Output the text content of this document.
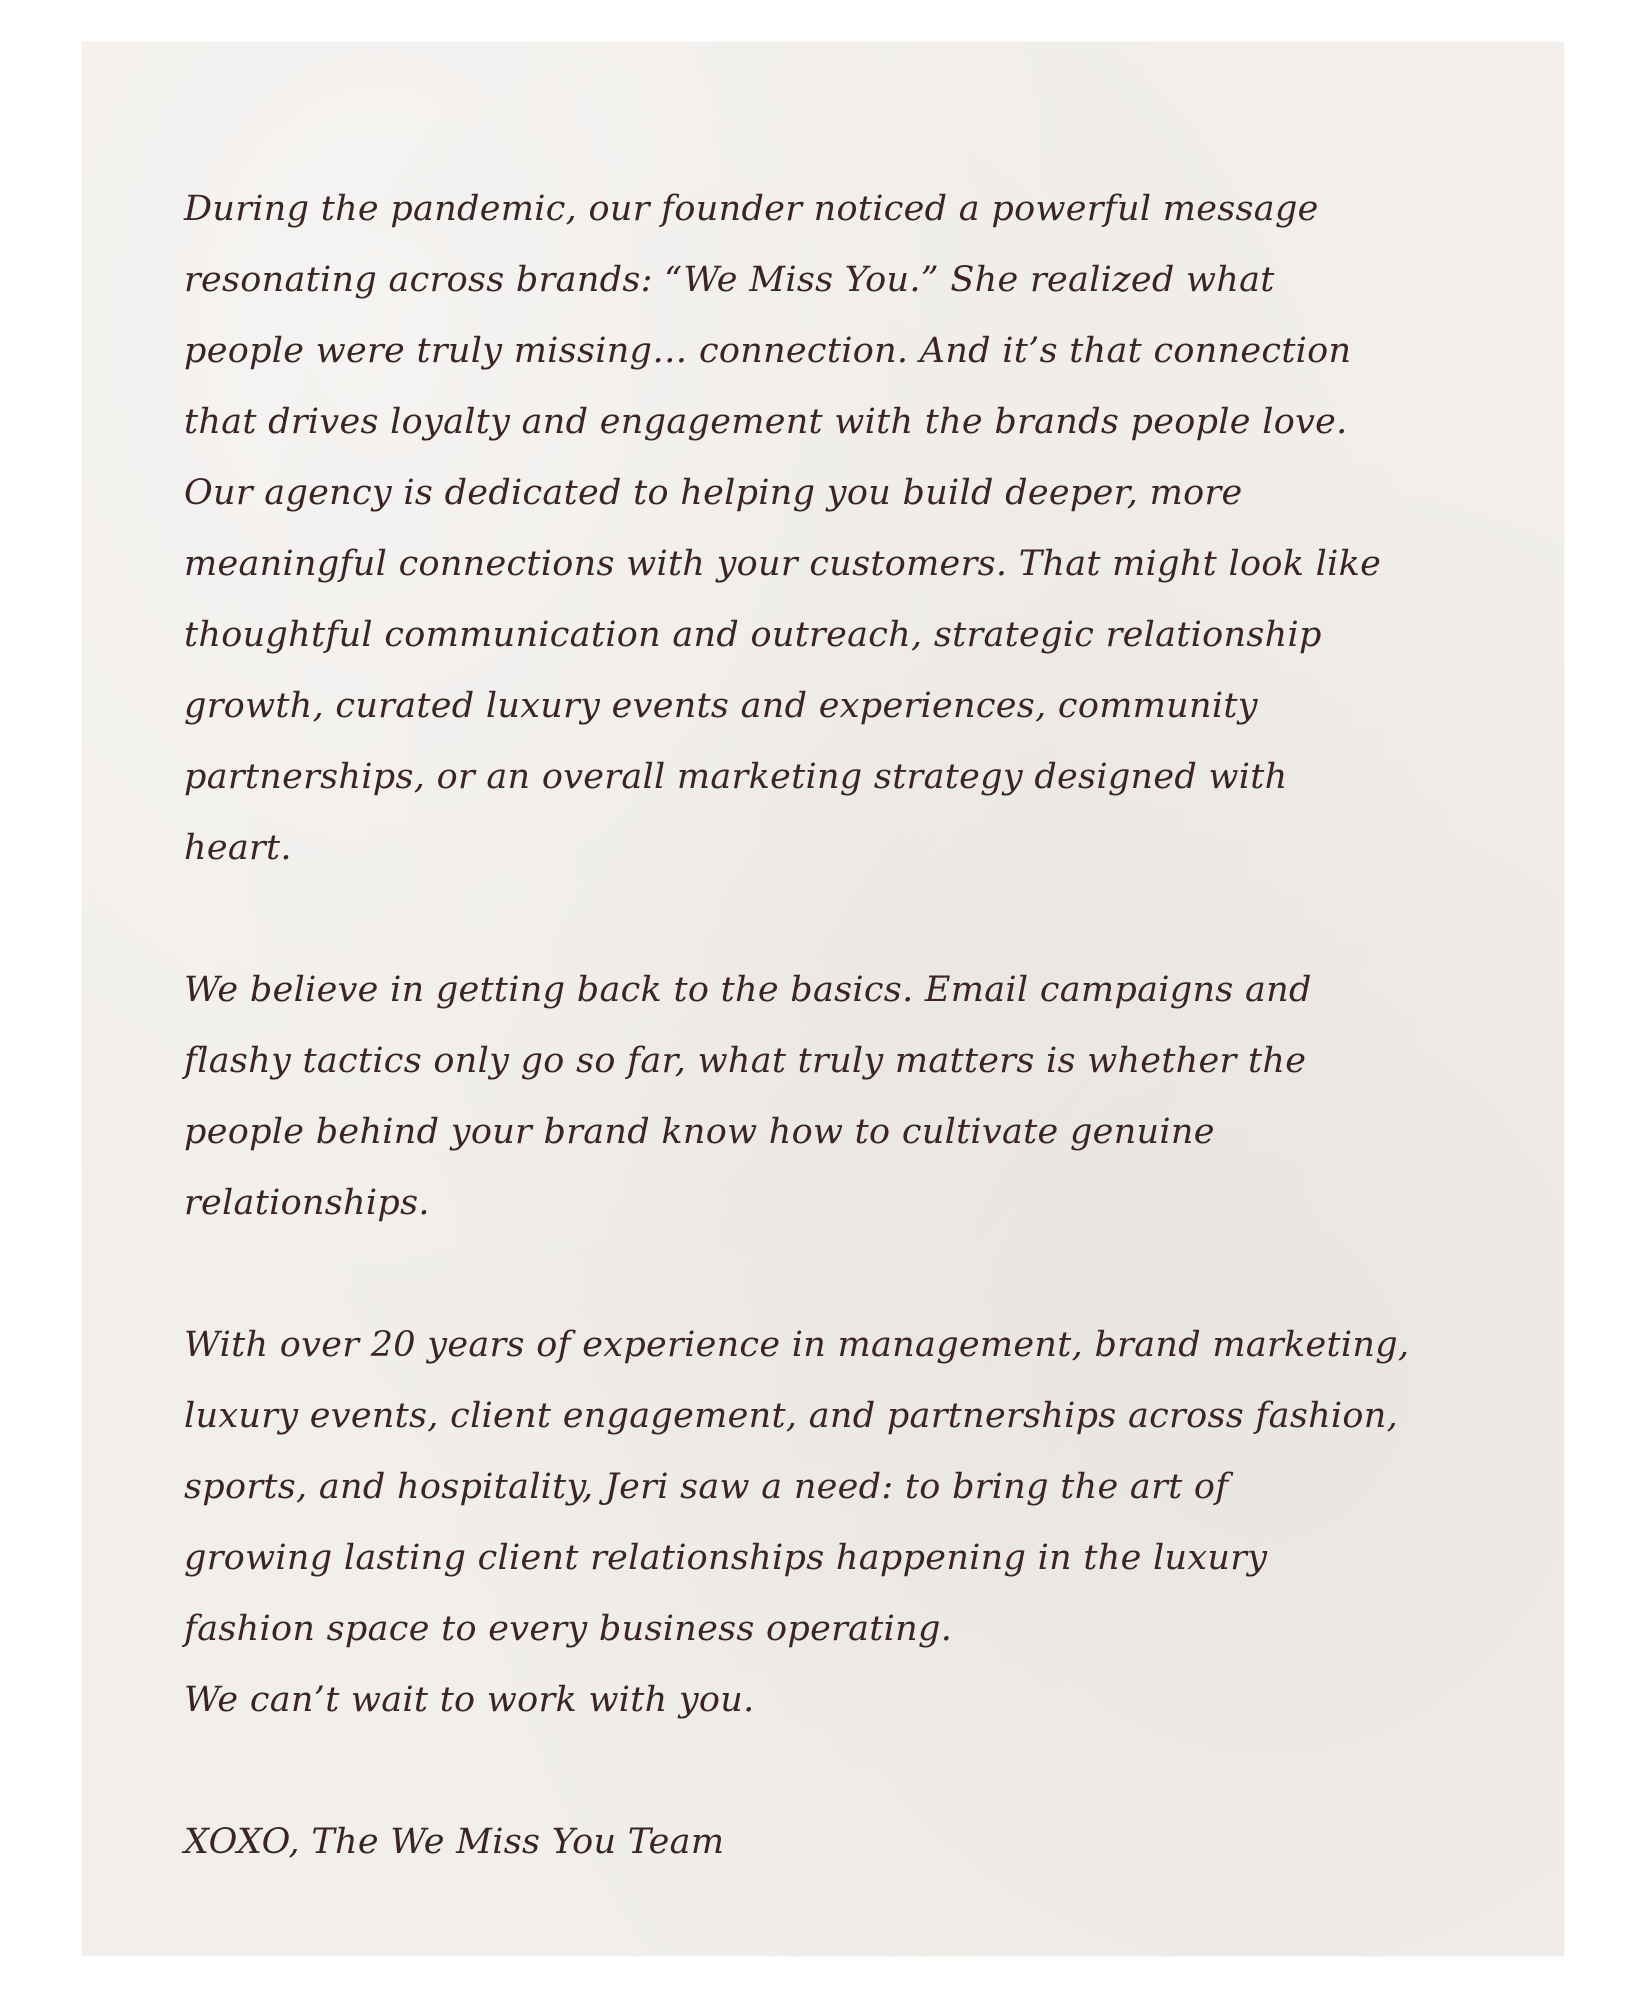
During the pandemic, our founder noticed a powerful message
resonating across brands: “We Miss You.” She realized what
people were truly missing… connection. And it’s that connection
that drives loyalty and engagement with the brands people love.
Our agency is dedicated to helping you build deeper, more
meaningful connections with your customers. That might look like
thoughtful communication and outreach, strategic relationship
growth, curated luxury events and experiences, community
partnerships, or an overall marketing strategy designed with
heart.

We believe in getting back to the basics. Email campaigns and
flashy tactics only go so far, what truly matters is whether the
people behind your brand know how to cultivate genuine
relationships.

With over 20 years of experience in management, brand marketing,
luxury events, client engagement, and partnerships across fashion,
sports, and hospitality, Jeri saw a need: to bring the art of
growing lasting client relationships happening in the luxury
fashion space to every business operating.
We can’t wait to work with you.

XOXO, The We Miss You Team
